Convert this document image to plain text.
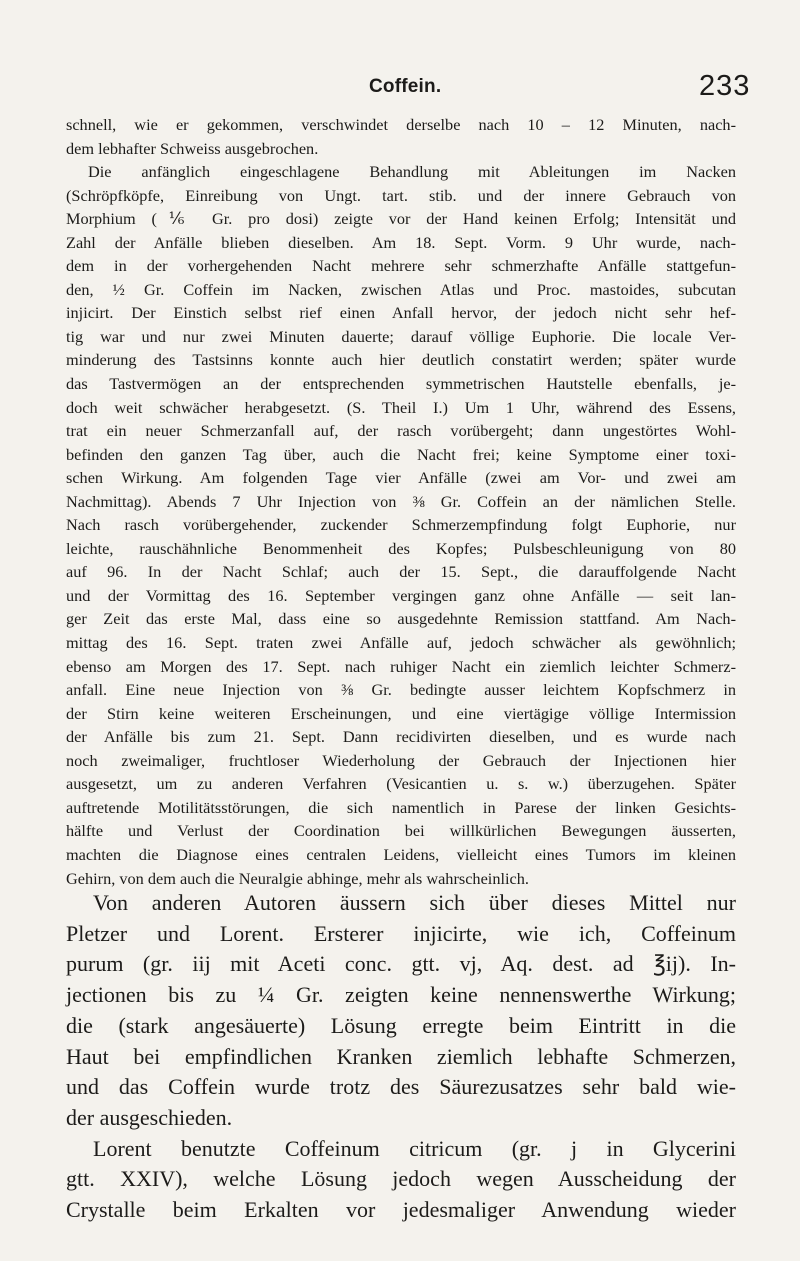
Coffein.	233
schnell, wie er gekommen, verschwindet derselbe nach 10 – 12 Minuten, nach-
dem lebhafter Schweiss ausgebrochen.
Die anfänglich eingeschlagene Behandlung mit Ableitungen im Nacken
(Schröpfköpfe, Einreibung von Ungt. tart. stib. und der innere Gebrauch von
Morphium (⅙ Gr. pro dosi) zeigte vor der Hand keinen Erfolg; Intensität und
Zahl der Anfälle blieben dieselben. Am 18. Sept. Vorm. 9 Uhr wurde, nach-
dem in der vorhergehenden Nacht mehrere sehr schmerzhafte Anfälle stattgefun-
den, ½ Gr. Coffein im Nacken, zwischen Atlas und Proc. mastoides, subcutan
injicirt. Der Einstich selbst rief einen Anfall hervor, der jedoch nicht sehr hef-
tig war und nur zwei Minuten dauerte; darauf völlige Euphorie. Die locale Ver-
minderung des Tastsinns konnte auch hier deutlich constatirt werden; später wurde
das Tastvermögen an der entsprechenden symmetrischen Hautstelle ebenfalls, je-
doch weit schwächer herabgesetzt. (S. Theil I.) Um 1 Uhr, während des Essens,
trat ein neuer Schmerzanfall auf, der rasch vorübergeht; dann ungestörtes Wohl-
befinden den ganzen Tag über, auch die Nacht frei; keine Symptome einer toxi-
schen Wirkung. Am folgenden Tage vier Anfälle (zwei am Vor- und zwei am
Nachmittag). Abends 7 Uhr Injection von ⅜ Gr. Coffein an der nämlichen Stelle.
Nach rasch vorübergehender, zuckender Schmerzempfindung folgt Euphorie, nur
leichte, rauschähnliche Benommenheit des Kopfes; Pulsbeschleunigung von 80
auf 96. In der Nacht Schlaf; auch der 15. Sept., die darauffolgende Nacht
und der Vormittag des 16. September vergingen ganz ohne Anfälle — seit lan-
ger Zeit das erste Mal, dass eine so ausgedehnte Remission stattfand. Am Nach-
mittag des 16. Sept. traten zwei Anfälle auf, jedoch schwächer als gewöhnlich;
ebenso am Morgen des 17. Sept. nach ruhiger Nacht ein ziemlich leichter Schmerz-
anfall. Eine neue Injection von ⅜ Gr. bedingte ausser leichtem Kopfschmerz in
der Stirn keine weiteren Erscheinungen, und eine viertägige völlige Intermission
der Anfälle bis zum 21. Sept. Dann recidivirten dieselben, und es wurde nach
noch zweimaliger, fruchtloser Wiederholung der Gebrauch der Injectionen hier
ausgesetzt, um zu anderen Verfahren (Vesicantien u. s. w.) überzugehen. Später
auftretende Motilitätsstörungen, die sich namentlich in Parese der linken Gesichts-
hälfte und Verlust der Coordination bei willkürlichen Bewegungen äusserten,
machten die Diagnose eines centralen Leidens, vielleicht eines Tumors im kleinen
Gehirn, von dem auch die Neuralgie abhinge, mehr als wahrscheinlich.
Von anderen Autoren äussern sich über dieses Mittel nur
Pletzer und Lorent. Ersterer injicirte, wie ich, Coffeinum
purum (gr. iij mit Aceti conc. gtt. vj, Aq. dest. ad ℥ij). In-
jectionen bis zu ¼ Gr. zeigten keine nennenswerthe Wirkung;
die (stark angesäuerte) Lösung erregte beim Eintritt in die
Haut bei empfindlichen Kranken ziemlich lebhafte Schmerzen,
und das Coffein wurde trotz des Säurezusatzes sehr bald wie-
der ausgeschieden.
Lorent benutzte Coffeinum citricum (gr. j in Glycerini
gtt. XXIV), welche Lösung jedoch wegen Ausscheidung der
Crystalle beim Erkalten vor jedesmaliger Anwendung wieder
